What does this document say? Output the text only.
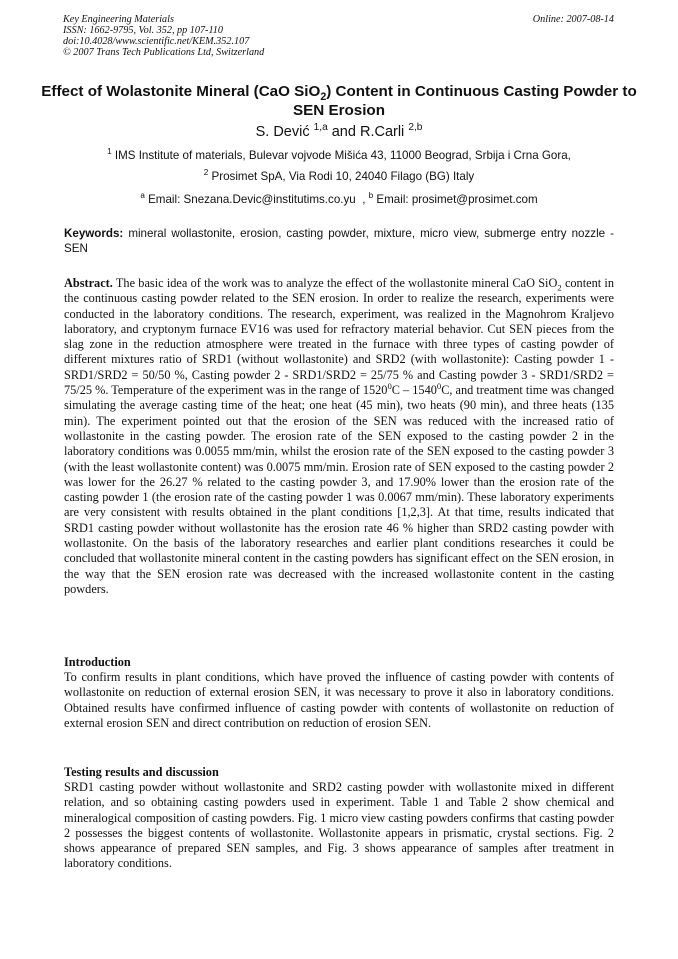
Key Engineering Materials
ISSN: 1662-9795, Vol. 352, pp 107-110
doi:10.4028/www.scientific.net/KEM.352.107
© 2007 Trans Tech Publications Ltd, Switzerland
Online: 2007-08-14
Effect of Wolastonite Mineral (CaO SiO$_2$) Content in Continuous Casting Powder to SEN Erosion
S. Dević $^{1,a}$ and R.Carli $^{2,b}$
$^1$ IMS Institute of materials, Bulevar vojvode Mišića 43, 11000 Beograd, Srbija i Crna Gora,
$^2$ Prosimet SpA, Via Rodi 10, 24040 Filago (BG) Italy
$^a$ Email: Snezana.Devic@institutims.co.yu , $^b$ Email: prosimet@prosimet.com
Keywords: mineral wollastonite, erosion, casting powder, mixture, micro view, submerge entry nozzle - SEN
Abstract. The basic idea of the work was to analyze the effect of the wollastonite mineral CaO SiO$_2$ content in the continuous casting powder related to the SEN erosion. In order to realize the research, experiments were conducted in the laboratory conditions. The research, experiment, was realized in the Magnohrom Kraljevo laboratory, and cryptonym furnace EV16 was used for refractory material behavior. Cut SEN pieces from the slag zone in the reduction atmosphere were treated in the furnace with three types of casting powder of different mixtures ratio of SRD1 (without wollastonite) and SRD2 (with wollastonite): Casting powder 1 - SRD1/SRD2 = 50/50 %, Casting powder 2 - SRD1/SRD2 = 25/75 % and Casting powder 3 - SRD1/SRD2 = 75/25 %. Temperature of the experiment was in the range of 1520$^0$C – 1540$^0$C, and treatment time was changed simulating the average casting time of the heat; one heat (45 min), two heats (90 min), and three heats (135 min). The experiment pointed out that the erosion of the SEN was reduced with the increased ratio of wollastonite in the casting powder. The erosion rate of the SEN exposed to the casting powder 2 in the laboratory conditions was 0.0055 mm/min, whilst the erosion rate of the SEN exposed to the casting powder 3 (with the least wollastonite content) was 0.0075 mm/min. Erosion rate of SEN exposed to the casting powder 2 was lower for the 26.27 % related to the casting powder 3, and 17.90% lower than the erosion rate of the casting powder 1 (the erosion rate of the casting powder 1 was 0.0067 mm/min). These laboratory experiments are very consistent with results obtained in the plant conditions [1,2,3]. At that time, results indicated that SRD1 casting powder without wollastonite has the erosion rate 46 % higher than SRD2 casting powder with wollastonite. On the basis of the laboratory researches and earlier plant conditions researches it could be concluded that wollastonite mineral content in the casting powders has significant effect on the SEN erosion, in the way that the SEN erosion rate was decreased with the increased wollastonite content in the casting powders.
Introduction
To confirm results in plant conditions, which have proved the influence of casting powder with contents of wollastonite on reduction of external erosion SEN, it was necessary to prove it also in laboratory conditions. Obtained results have confirmed influence of casting powder with contents of wollastonite on reduction of external erosion SEN and direct contribution on reduction of erosion SEN.
Testing results and discussion
SRD1 casting powder without wollastonite and SRD2 casting powder with wollastonite mixed in different relation, and so obtaining casting powders used in experiment. Table 1 and Table 2 show chemical and mineralogical composition of casting powders. Fig. 1 micro view casting powders confirms that casting powder 2 possesses the biggest contents of wollastonite. Wollastonite appears in prismatic, crystal sections. Fig. 2 shows appearance of prepared SEN samples, and Fig. 3 shows appearance of samples after treatment in laboratory conditions.
